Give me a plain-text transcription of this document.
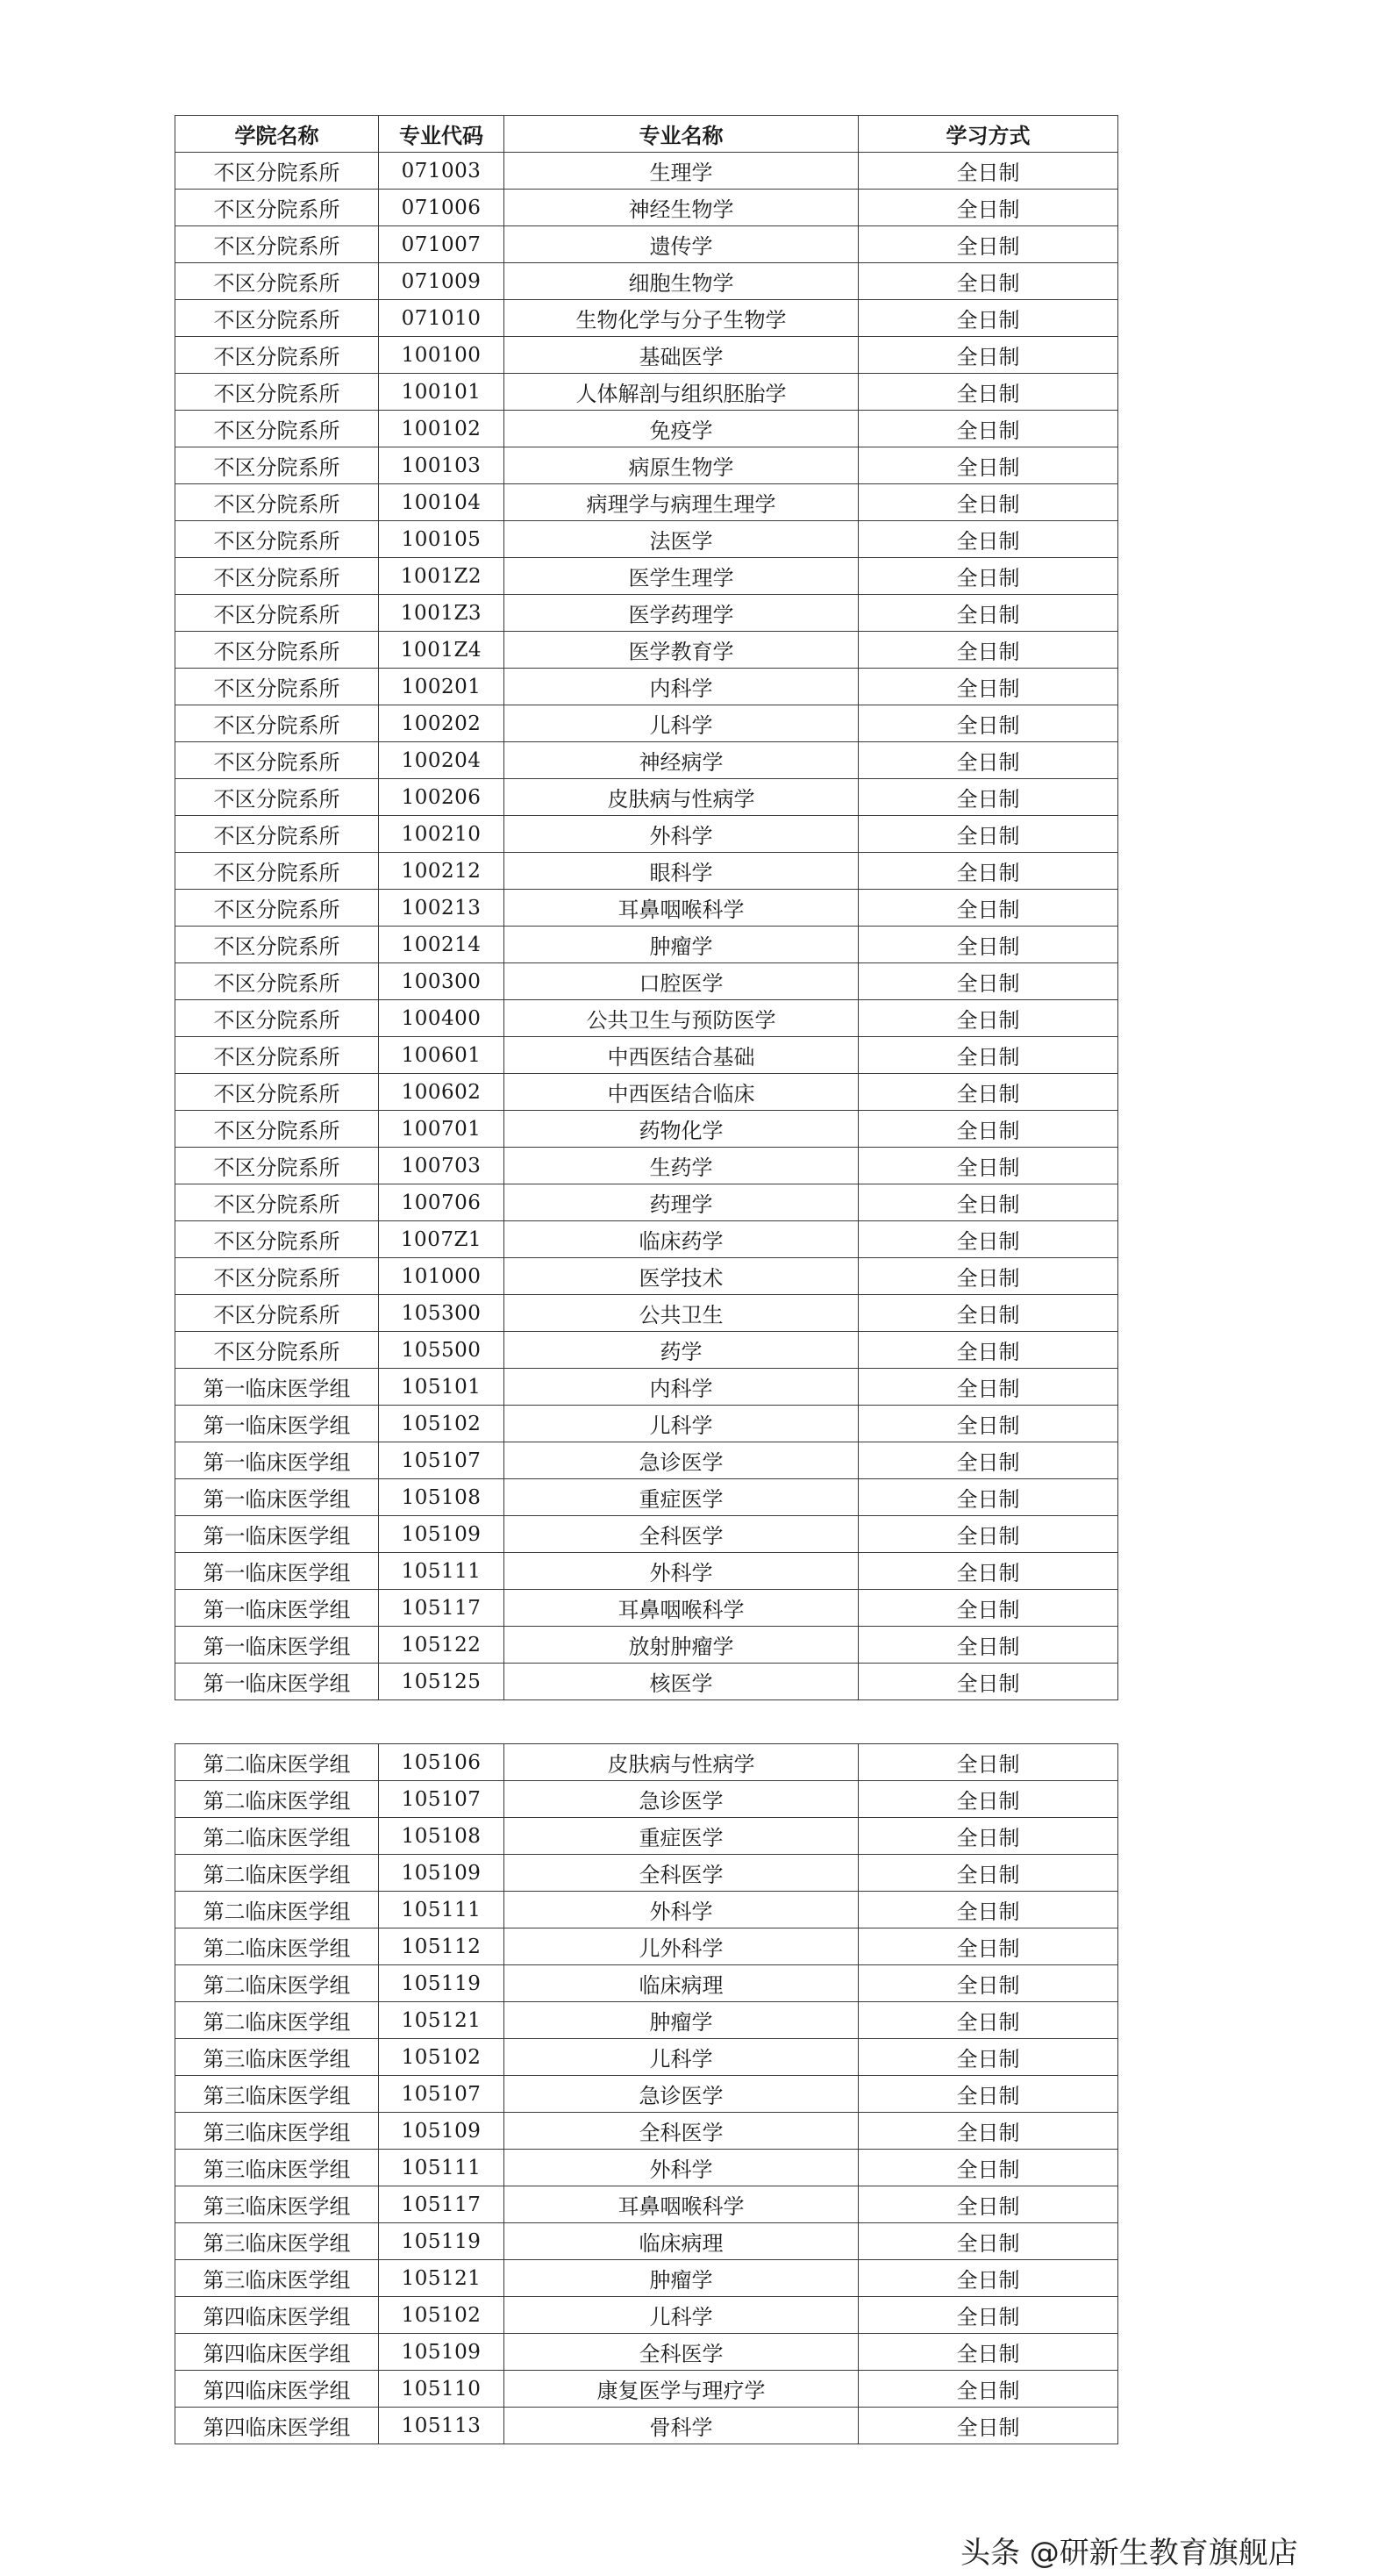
学院名称	专业代码	专业名称	学习方式
不区分院系所	071003	生理学	全日制
不区分院系所	071006	神经生物学	全日制
不区分院系所	071007	遗传学	全日制
不区分院系所	071009	细胞生物学	全日制
不区分院系所	071010	生物化学与分子生物学	全日制
不区分院系所	100100	基础医学	全日制
不区分院系所	100101	人体解剖与组织胚胎学	全日制
不区分院系所	100102	免疫学	全日制
不区分院系所	100103	病原生物学	全日制
不区分院系所	100104	病理学与病理生理学	全日制
不区分院系所	100105	法医学	全日制
不区分院系所	1001Z2	医学生理学	全日制
不区分院系所	1001Z3	医学药理学	全日制
不区分院系所	1001Z4	医学教育学	全日制
不区分院系所	100201	内科学	全日制
不区分院系所	100202	儿科学	全日制
不区分院系所	100204	神经病学	全日制
不区分院系所	100206	皮肤病与性病学	全日制
不区分院系所	100210	外科学	全日制
不区分院系所	100212	眼科学	全日制
不区分院系所	100213	耳鼻咽喉科学	全日制
不区分院系所	100214	肿瘤学	全日制
不区分院系所	100300	口腔医学	全日制
不区分院系所	100400	公共卫生与预防医学	全日制
不区分院系所	100601	中西医结合基础	全日制
不区分院系所	100602	中西医结合临床	全日制
不区分院系所	100701	药物化学	全日制
不区分院系所	100703	生药学	全日制
不区分院系所	100706	药理学	全日制
不区分院系所	1007Z1	临床药学	全日制
不区分院系所	101000	医学技术	全日制
不区分院系所	105300	公共卫生	全日制
不区分院系所	105500	药学	全日制
第一临床医学组	105101	内科学	全日制
第一临床医学组	105102	儿科学	全日制
第一临床医学组	105107	急诊医学	全日制
第一临床医学组	105108	重症医学	全日制
第一临床医学组	105109	全科医学	全日制
第一临床医学组	105111	外科学	全日制
第一临床医学组	105117	耳鼻咽喉科学	全日制
第一临床医学组	105122	放射肿瘤学	全日制
第一临床医学组	105125	核医学	全日制
第二临床医学组	105106	皮肤病与性病学	全日制
第二临床医学组	105107	急诊医学	全日制
第二临床医学组	105108	重症医学	全日制
第二临床医学组	105109	全科医学	全日制
第二临床医学组	105111	外科学	全日制
第二临床医学组	105112	儿外科学	全日制
第二临床医学组	105119	临床病理	全日制
第二临床医学组	105121	肿瘤学	全日制
第三临床医学组	105102	儿科学	全日制
第三临床医学组	105107	急诊医学	全日制
第三临床医学组	105109	全科医学	全日制
第三临床医学组	105111	外科学	全日制
第三临床医学组	105117	耳鼻咽喉科学	全日制
第三临床医学组	105119	临床病理	全日制
第三临床医学组	105121	肿瘤学	全日制
第四临床医学组	105102	儿科学	全日制
第四临床医学组	105109	全科医学	全日制
第四临床医学组	105110	康复医学与理疗学	全日制
第四临床医学组	105113	骨科学	全日制
头条 @研新生教育旗舰店
